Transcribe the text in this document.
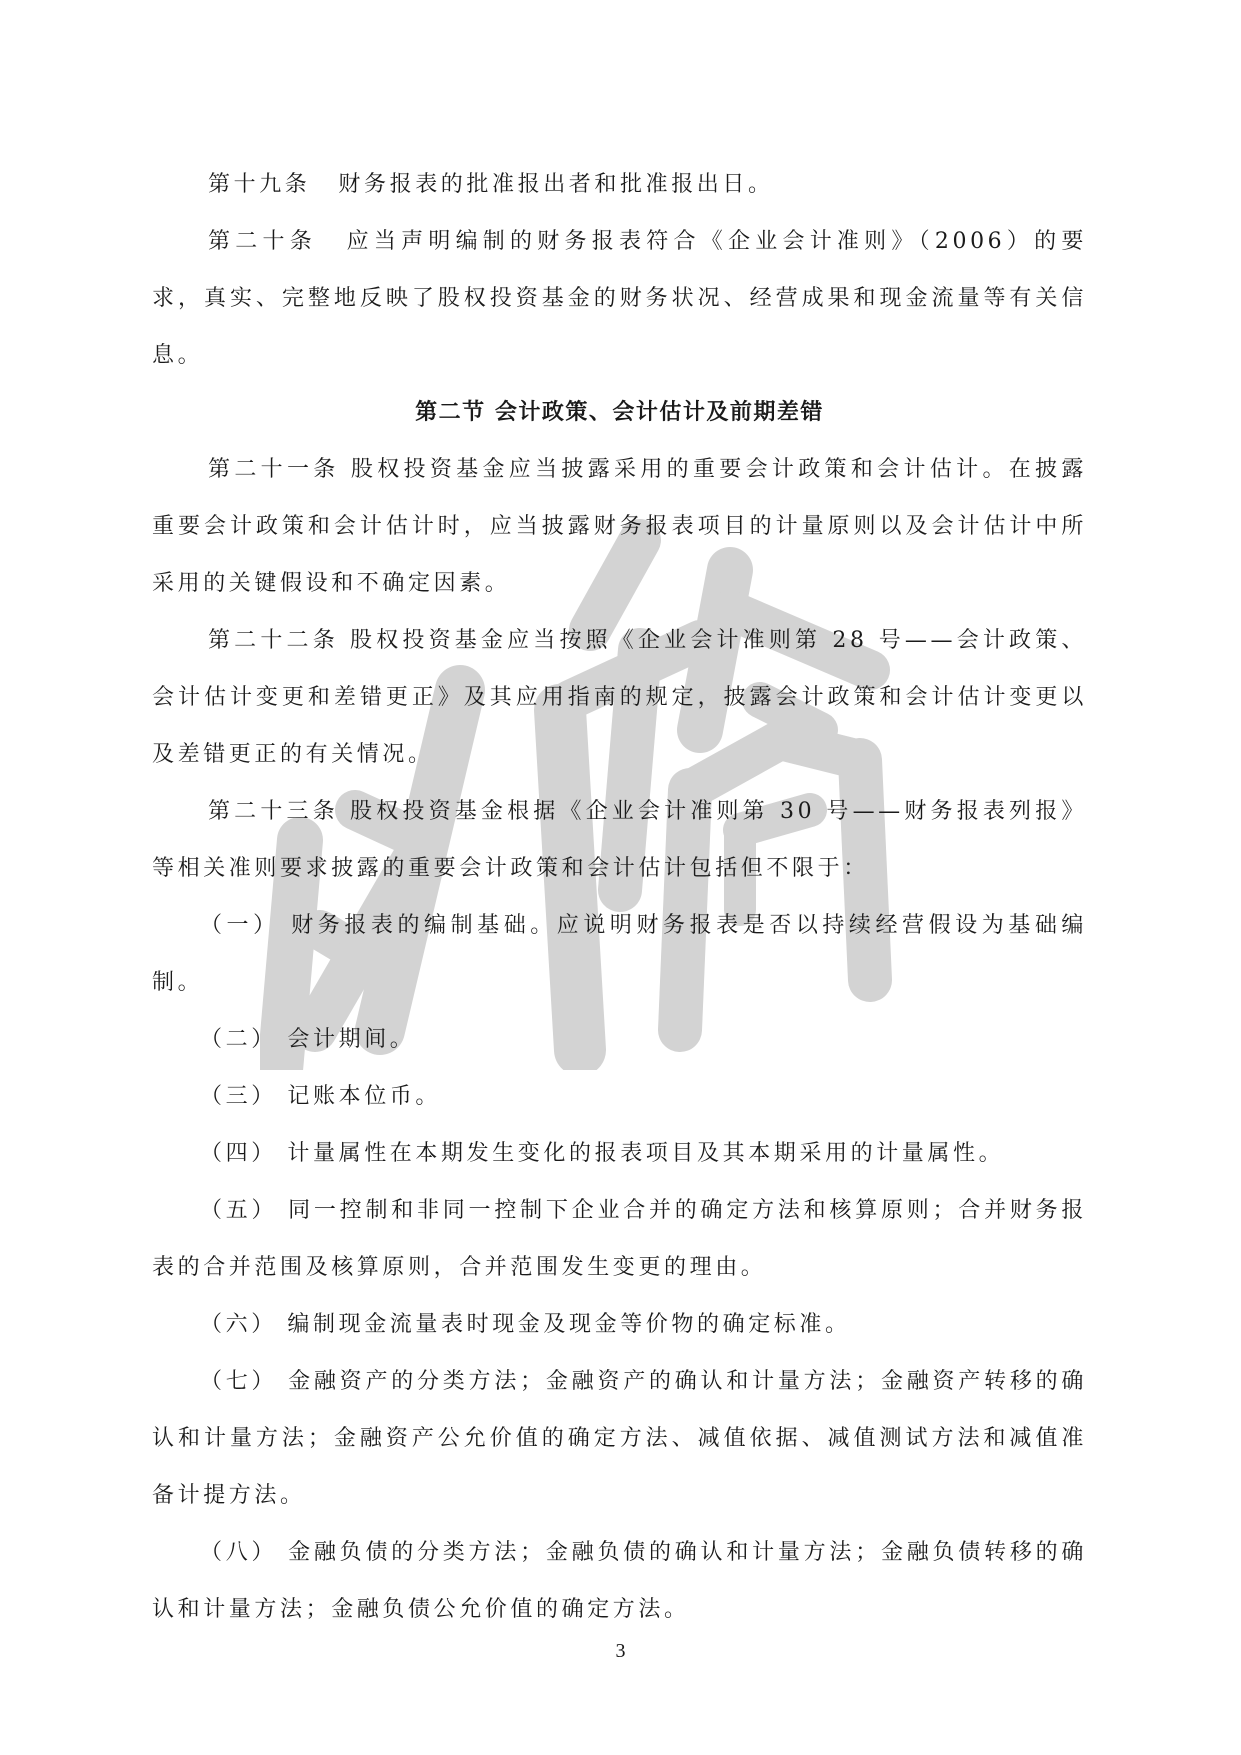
第十九条 财务报表的批准报出者和批准报出日。

第二十条 应当声明编制的财务报表符合《企业会计准则》（2006）的要求，真实、完整地反映了股权投资基金的财务状况、经营成果和现金流量等有关信息。

第二节 会计政策、会计估计及前期差错

第二十一条 股权投资基金应当披露采用的重要会计政策和会计估计。在披露重要会计政策和会计估计时，应当披露财务报表项目的计量原则以及会计估计中所采用的关键假设和不确定因素。

第二十二条 股权投资基金应当按照《企业会计准则第 28 号——会计政策、会计估计变更和差错更正》及其应用指南的规定，披露会计政策和会计估计变更以及差错更正的有关情况。

第二十三条 股权投资基金根据《企业会计准则第 30 号——财务报表列报》等相关准则要求披露的重要会计政策和会计估计包括但不限于：

（一） 财务报表的编制基础。应说明财务报表是否以持续经营假设为基础编制。

（二） 会计期间。

（三） 记账本位币。

（四） 计量属性在本期发生变化的报表项目及其本期采用的计量属性。

（五） 同一控制和非同一控制下企业合并的确定方法和核算原则；合并财务报表的合并范围及核算原则，合并范围发生变更的理由。

（六） 编制现金流量表时现金及现金等价物的确定标准。

（七） 金融资产的分类方法；金融资产的确认和计量方法；金融资产转移的确认和计量方法；金融资产公允价值的确定方法、减值依据、减值测试方法和减值准备计提方法。

（八） 金融负债的分类方法；金融负债的确认和计量方法；金融负债转移的确认和计量方法；金融负债公允价值的确定方法。

3
